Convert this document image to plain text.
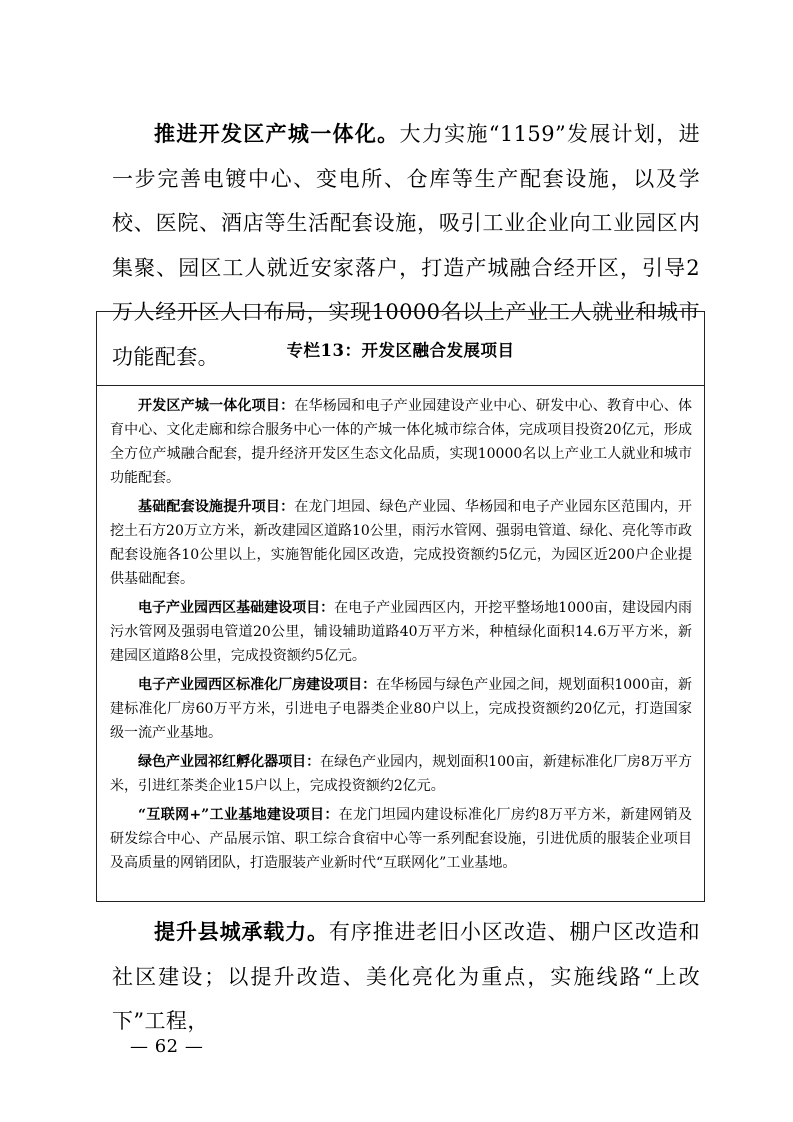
推进开发区产城一体化。大力实施“1159”发展计划，进一步完善电镀中心、变电所、仓库等生产配套设施，以及学校、医院、酒店等生活配套设施，吸引工业企业向工业园区内集聚、园区工人就近安家落户，打造产城融合经开区，引导2万人经开区人口布局，实现10000名以上产业工人就业和城市功能配套。	专栏13：开发区融合发展项目

开发区产城一体化项目：在华杨园和电子产业园建设产业中心、研发中心、教育中心、体育中心、文化走廊和综合服务中心一体的产城一体化城市综合体，完成项目投资20亿元，形成全方位产城融合配套，提升经济开发区生态文化品质，实现10000名以上产业工人就业和城市功能配套。

基础配套设施提升项目：在龙门坦园、绿色产业园、华杨园和电子产业园东区范围内，开挖土石方20万立方米，新改建园区道路10公里，雨污水管网、强弱电管道、绿化、亮化等市政配套设施各10公里以上，实施智能化园区改造，完成投资额约5亿元，为园区近200户企业提供基础配套。

电子产业园西区基础建设项目：在电子产业园西区内，开挖平整场地1000亩，建设园内雨污水管网及强弱电管道20公里，铺设辅助道路40万平方米，种植绿化面积14.6万平方米，新建园区道路8公里，完成投资额约5亿元。

电子产业园西区标准化厂房建设项目：在华杨园与绿色产业园之间，规划面积1000亩，新建标准化厂房60万平方米，引进电子电器类企业80户以上，完成投资额约20亿元，打造国家级一流产业基地。

绿色产业园祁红孵化器项目：在绿色产业园内，规划面积100亩，新建标准化厂房8万平方米，引进红茶类企业15户以上，完成投资额约2亿元。

“互联网+”工业基地建设项目：在龙门坦园内建设标准化厂房约8万平方米，新建网销及研发综合中心、产品展示馆、职工综合食宿中心等一系列配套设施，引进优质的服装企业项目及高质量的网销团队，打造服装产业新时代“互联网化”工业基地。

提升县城承载力。有序推进老旧小区改造、棚户区改造和社区建设；以提升改造、美化亮化为重点，实施线路“上改下”工程，
— 62 —
